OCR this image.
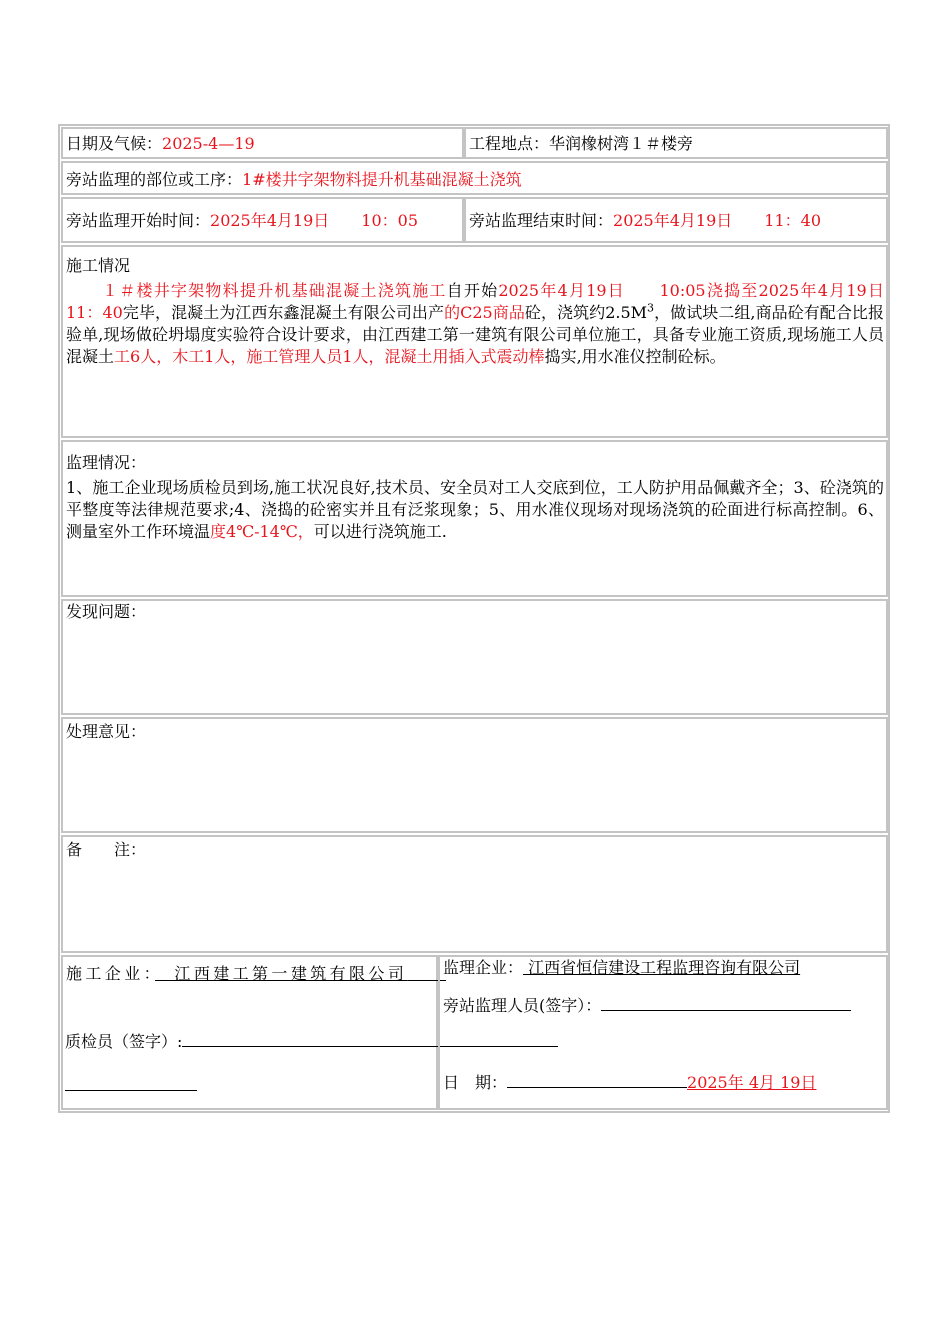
日期及气候：2025-4—19	工程地点：华润橡树湾１＃楼旁
旁站监理的部位或工序：1#楼井字架物料提升机基础混凝土浇筑
旁站监理开始时间：2025年4月19日　　10：05	旁站监理结束时间：2025年4月19日　　11：40
施工情况
１＃楼井字架物料提升机基础混凝土浇筑施工自开始2025年4月19日　　10:05浇捣至2025年4月19日　　11：40完毕，混凝土为江西东鑫混凝土有限公司出产的C25商品砼，浇筑约$2.5M^3$，做试块二组,商品砼有配合比报验单,现场做砼坍塌度实验符合设计要求，由江西建工第一建筑有限公司单位施工，具备专业施工资质,现场施工人员混凝土工6人，木工1人，施工管理人员1人，混凝土用插入式震动棒捣实,用水准仪控制砼标。
监理情况：
1、施工企业现场质检员到场,施工状况良好,技术员、安全员对工人交底到位，工人防护用品佩戴齐全；3、砼浇筑的平整度等法律规范要求;4、浇捣的砼密实并且有泛浆现象；5、用水准仪现场对现场浇筑的砼面进行标高控制。6、测量室外工作环境温度4℃-14℃，可以进行浇筑施工.
发现问题：
处理意见：
备　　注：
施工企业：　江西建工第一建筑有限公司　　
质检员（签字）:
监理企业： 江西省恒信建设工程监理咨询有限公司
旁站监理人员(签字）：
日　期：	2025年 4月 19日
